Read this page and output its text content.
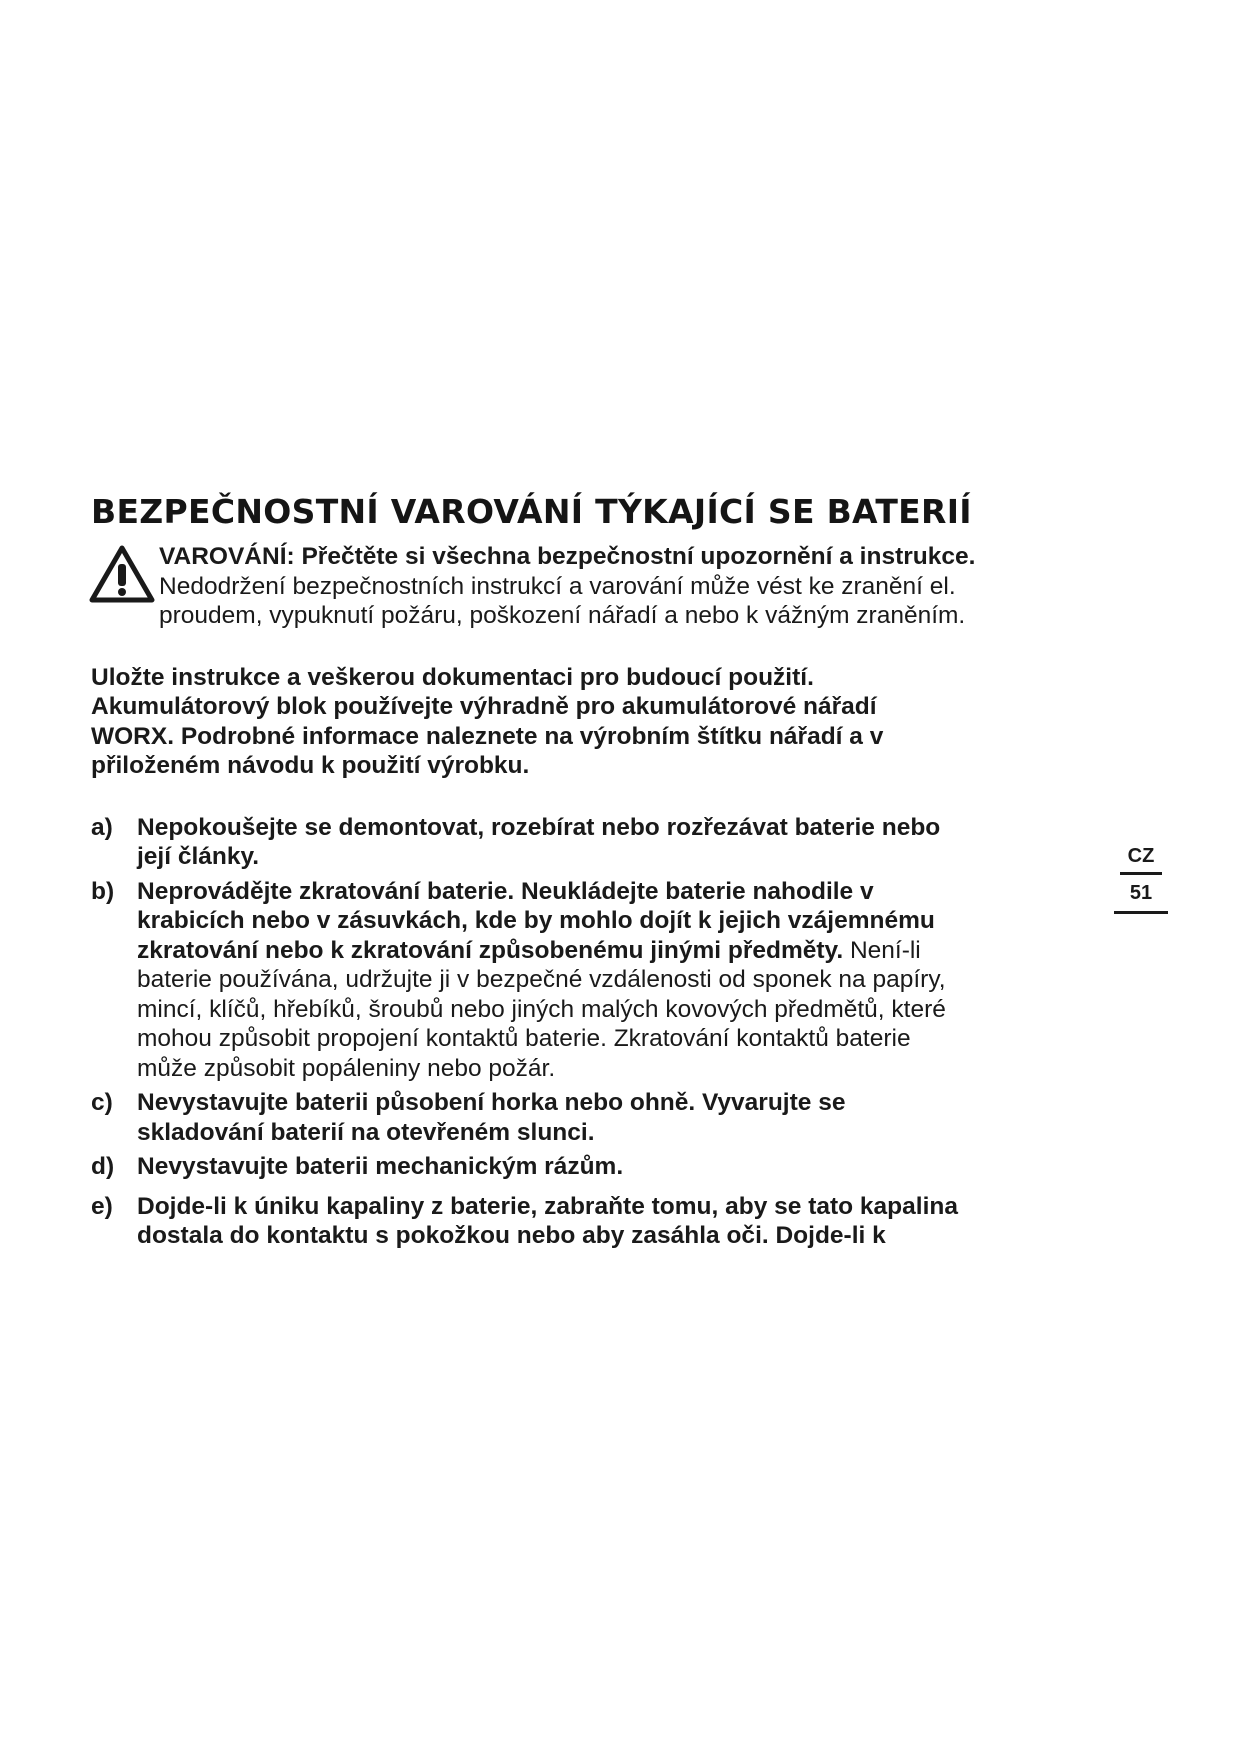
BEZPEČNOSTNÍ VAROVÁNÍ TÝKAJÍCÍ SE BATERIÍ

VAROVÁNÍ: Přečtěte si všechna bezpečnostní upozornění a instrukce.

Nedodržení bezpečnostních instrukcí a varování může vést ke zranění el.

proudem, vypuknutí požáru, poškození nářadí a nebo k vážným zraněním.

Uložte instrukce a veškerou dokumentaci pro budoucí použití.
Akumulátorový blok používejte výhradně pro akumulátorové nářadí
WORX. Podrobné informace naleznete na výrobním štítku nářadí a v
přiloženém návodu k použití výrobku.
a) Nepokoušejte se demontovat, rozebírat nebo rozřezávat baterie nebo
její články.
b) Neprovádějte zkratování baterie. Neukládejte baterie nahodile v
krabicích nebo v zásuvkách, kde by mohlo dojít k jejich vzájemnému
zkratování nebo k zkratování způsobenému jinými předměty. Není-li
baterie používána, udržujte ji v bezpečné vzdálenosti od sponek na papíry,
mincí, klíčů, hřebíků, šroubů nebo jiných malých kovových předmětů, které
mohou způsobit propojení kontaktů baterie. Zkratování kontaktů baterie
může způsobit popáleniny nebo požár.
c) Nevystavujte baterii působení horka nebo ohně. Vyvarujte se
skladování baterií na otevřeném slunci.
d) Nevystavujte baterii mechanickým rázům.
e) Dojde-li k úniku kapaliny z baterie, zabraňte tomu, aby se tato kapalina
dostala do kontaktu s pokožkou nebo aby zasáhla oči. Dojde-li k
CZ
51
